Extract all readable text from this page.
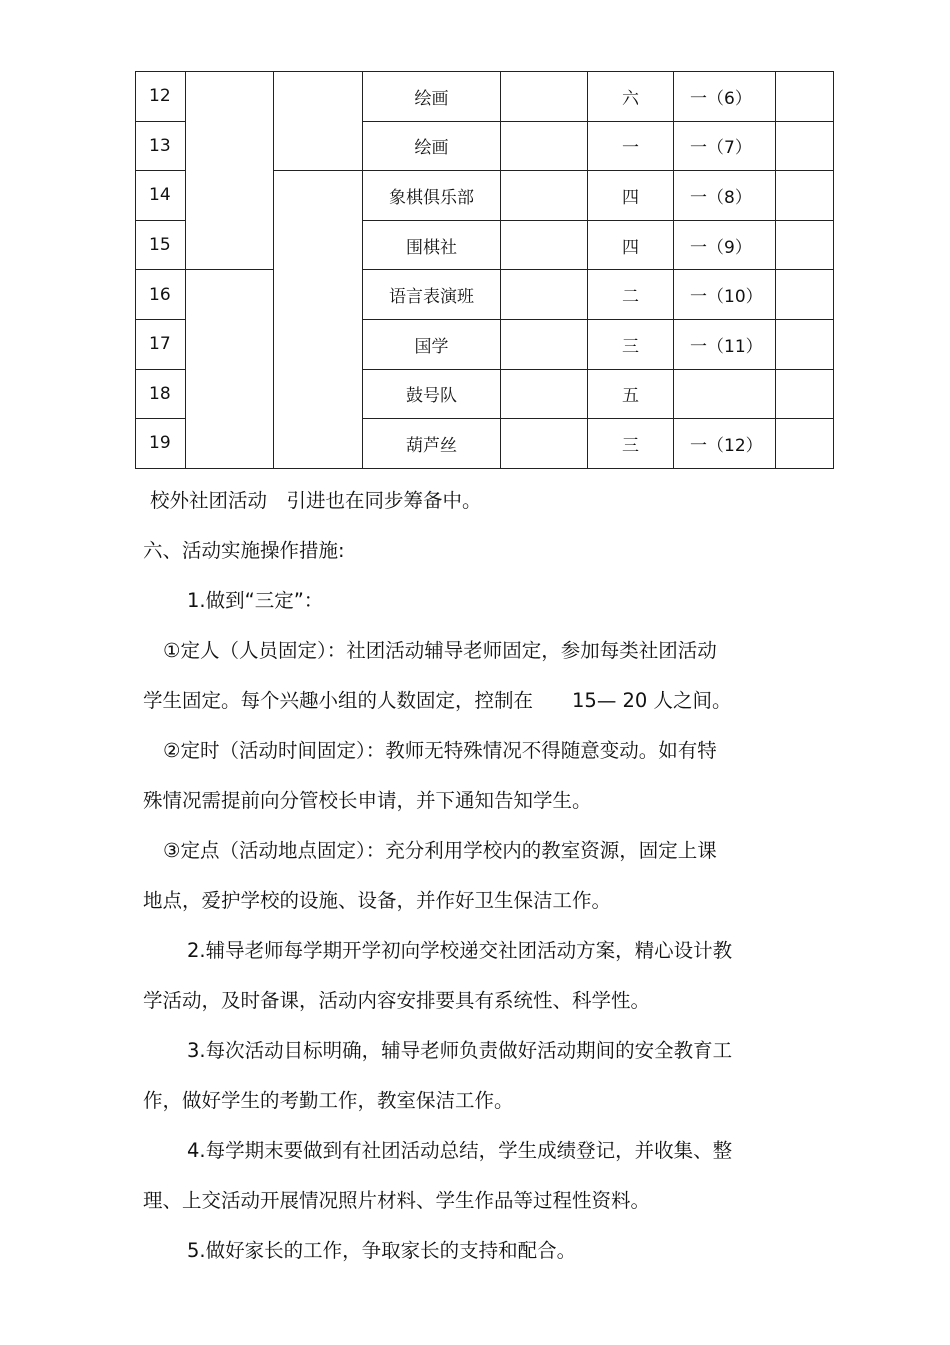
12			绘画		六	一（6）	
13			绘画		一	一（7）	
14			象棋俱乐部		四	一（8）	
15			围棋社		四	一（9）	
16			语言表演班		二	一（10）	
17			国学		三	一（11）	
18			鼓号队		五		
19			葫芦丝		三	一（12）	

校外社团活动　引进也在同步筹备中。

六、活动实施操作措施:

1.做到“三定”：

①定人（人员固定）：社团活动辅导老师固定，参加每类社团活动

学生固定。每个兴趣小组的人数固定，控制在　　15— 20 人之间。

②定时（活动时间固定）：教师无特殊情况不得随意变动。如有特

殊情况需提前向分管校长申请，并下通知告知学生。

③定点（活动地点固定）：充分利用学校内的教室资源，固定上课

地点，爱护学校的设施、设备，并作好卫生保洁工作。

2.辅导老师每学期开学初向学校递交社团活动方案，精心设计教

学活动，及时备课，活动内容安排要具有系统性、科学性。

3.每次活动目标明确，辅导老师负责做好活动期间的安全教育工

作，做好学生的考勤工作，教室保洁工作。

4.每学期末要做到有社团活动总结，学生成绩登记，并收集、整

理、上交活动开展情况照片材料、学生作品等过程性资料。

5.做好家长的工作，争取家长的支持和配合。
